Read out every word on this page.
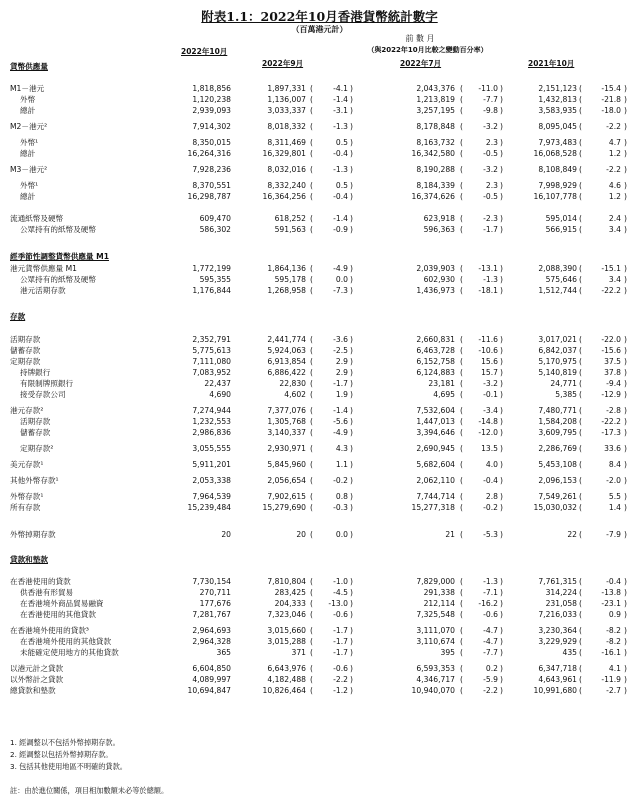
附表1.1：2022年10月香港貨幣統計數字
（百萬港元計）
前 數 月
（與2022年10月比較之變動百分率）
2022年10月
2022年9月	2022年7月	2021年10月
貨幣供應量
M1－港元	1,818,856	1,897,331	-4.1	2,043,376	-11.0	2,151,123	-15.4
(	)	(	)	(	)
外幣	1,120,238	1,136,007	-1.4	1,213,819	-7.7	1,432,813	-21.8
(	)	(	)	(	)
總計	2,939,093	3,033,337	-3.1	3,257,195	-9.8	3,583,935	-18.0
(	)	(	)	(	)
M2－港元²	7,914,302	8,018,332	-1.3	8,178,848	-3.2	8,095,045	-2.2
(	)	(	)	(	)
外幣¹	8,350,015	8,311,469	0.5	8,163,732	2.3	7,973,483	4.7
(	)	(	)	(	)
總計	16,264,316	16,329,801	-0.4	16,342,580	-0.5	16,068,528	1.2
(	)	(	)	(	)
M3－港元²	7,928,236	8,032,016	-1.3	8,190,288	-3.2	8,108,849	-2.2
(	)	(	)	(	)
外幣¹	8,370,551	8,332,240	0.5	8,184,339	2.3	7,998,929	4.6
(	)	(	)	(	)
總計	16,298,787	16,364,256	-0.4	16,374,626	-0.5	16,107,778	1.2
(	)	(	)	(	)
流通紙幣及硬幣	609,470	618,252	-1.4	623,918	-2.3	595,014	2.4
(	)	(	)	(	)
公眾持有的紙幣及硬幣	586,302	591,563	-0.9	596,363	-1.7	566,915	3.4
(	)	(	)	(	)
經季節性調整貨幣供應量 M1
港元貨幣供應量 M1	1,772,199	1,864,136	-4.9	2,039,903	-13.1	2,088,390	-15.1
(	)	(	)	(	)
公眾持有的紙幣及硬幣	595,355	595,178	0.0	602,930	-1.3	575,646	3.4
(	)	(	)	(	)
港元活期存款	1,176,844	1,268,958	-7.3	1,436,973	-18.1	1,512,744	-22.2
(	)	(	)	(	)
存款
活期存款	2,352,791	2,441,774	-3.6	2,660,831	-11.6	3,017,021	-22.0
(	)	(	)	(	)
儲蓄存款	5,775,613	5,924,063	-2.5	6,463,728	-10.6	6,842,037	-15.6
(	)	(	)	(	)
定期存款	7,111,080	6,913,854	2.9	6,152,758	15.6	5,170,975	37.5
(	)	(	)	(	)
持牌銀行	7,083,952	6,886,422	2.9	6,124,883	15.7	5,140,819	37.8
(	)	(	)	(	)
有限制牌照銀行	22,437	22,830	-1.7	23,181	-3.2	24,771	-9.4
(	)	(	)	(	)
接受存款公司	4,690	4,602	1.9	4,695	-0.1	5,385	-12.9
(	)	(	)	(	)
港元存款²	7,274,944	7,377,076	-1.4	7,532,604	-3.4	7,480,771	-2.8
(	)	(	)	(	)
活期存款	1,232,553	1,305,768	-5.6	1,447,013	-14.8	1,584,208	-22.2
(	)	(	)	(	)
儲蓄存款	2,986,836	3,140,337	-4.9	3,394,646	-12.0	3,609,795	-17.3
(	)	(	)	(	)
定期存款²	3,055,555	2,930,971	4.3	2,690,945	13.5	2,286,769	33.6
(	)	(	)	(	)
美元存款¹	5,911,201	5,845,960	1.1	5,682,604	4.0	5,453,108	8.4
(	)	(	)	(	)
其他外幣存款¹	2,053,338	2,056,654	-0.2	2,062,110	-0.4	2,096,153	-2.0
(	)	(	)	(	)
外幣存款¹	7,964,539	7,902,615	0.8	7,744,714	2.8	7,549,261	5.5
(	)	(	)	(	)
所有存款	15,239,484	15,279,690	-0.3	15,277,318	-0.2	15,030,032	1.4
(	)	(	)	(	)
外幣掉期存款	20	20	0.0	21	-5.3	22	-7.9
(	)	(	)	(	)
貸款和墊款
在香港使用的貸款	7,730,154	7,810,804	-1.0	7,829,000	-1.3	7,761,315	-0.4
(	)	(	)	(	)
供香港有形貿易	270,711	283,425	-4.5	291,338	-7.1	314,224	-13.8
(	)	(	)	(	)
在香港境外商品貿易融資	177,676	204,333	-13.0	212,114	-16.2	231,058	-23.1
(	)	(	)	(	)
在香港使用的其他貸款	7,281,767	7,323,046	-0.6	7,325,548	-0.6	7,216,033	0.9
(	)	(	)	(	)
在香港境外使用的貸款³	2,964,693	3,015,660	-1.7	3,111,070	-4.7	3,230,364	-8.2
(	)	(	)	(	)
在香港境外使用的其他貸款	2,964,328	3,015,288	-1.7	3,110,674	-4.7	3,229,929	-8.2
(	)	(	)	(	)
未能確定使用地方的其他貸款	365	371	-1.7	395	-7.7	435	-16.1
(	)	(	)	(	)
以港元計之貸款	6,604,850	6,643,976	-0.6	6,593,353	0.2	6,347,718	4.1
(	)	(	)	(	)
以外幣計之貸款	4,089,997	4,182,488	-2.2	4,346,717	-5.9	4,643,961	-11.9
(	)	(	)	(	)
總貸款和墊款	10,694,847	10,826,464	-1.2	10,940,070	-2.2	10,991,680	-2.7
(	)	(	)	(	)
1. 經調整以不包括外幣掉期存款。
2. 經調整以包括外幣掉期存款。
3. 包括其他使用地區不明確的貸款。
註：由於進位關係，項目相加數額未必等於總額。
